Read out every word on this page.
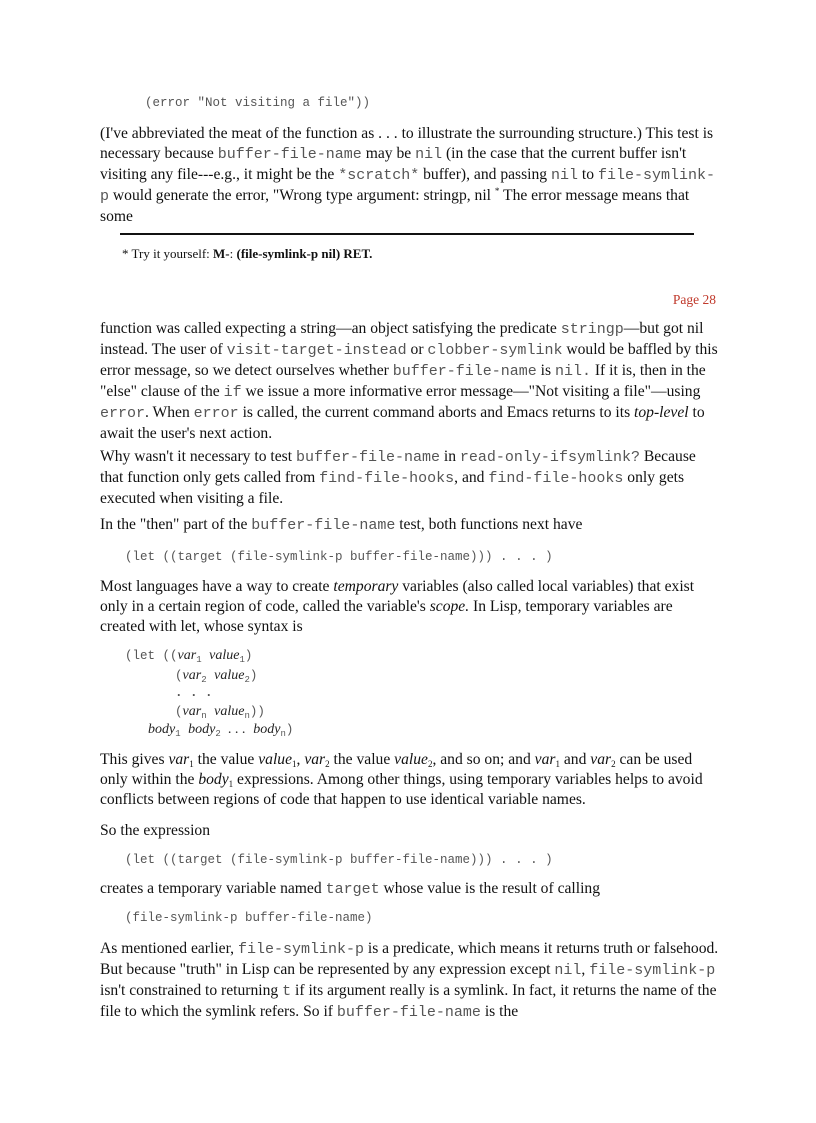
(error "Not visiting a file"))

(I've abbreviated the meat of the function as . . . to illustrate the surrounding structure.) This test is necessary because buffer-file-name may be nil (in the case that the current buffer isn't visiting any file---e.g., it might be the *scratch* buffer), and passing nil to file-symlink-p would generate the error, "Wrong type argument: stringp, nil * The error message means that some

* Try it yourself: M-: (file-symlink-p nil) RET.

Page 28

function was called expecting a string—an object satisfying the predicate stringp—but got nil instead. The user of visit-target-instead or clobber-symlink would be baffled by this error message, so we detect ourselves whether buffer-file-name is nil. If it is, then in the "else" clause of the if we issue a more informative error message—"Not visiting a file"—using error. When error is called, the current command aborts and Emacs returns to its top-level to await the user's next action.

Why wasn't it necessary to test buffer-file-name in read-only-ifsymlink? Because that function only gets called from find-file-hooks, and find-file-hooks only gets executed when visiting a file.

In the "then" part of the buffer-file-name test, both functions next have

(let ((target (file-symlink-p buffer-file-name))) . . . )

Most languages have a way to create temporary variables (also called local variables) that exist only in a certain region of code, called the variable's scope. In Lisp, temporary variables are created with let, whose syntax is

(let ((var$_1$ value$_1$)
(var$_2$ value$_2$)
. . .
(var$_n$ value$_n$))
body$_1$ body$_2$ . . . body$_n$)

This gives var$_1$ the value value$_1$, var$_2$ the value value$_2$, and so on; and var$_1$ and var$_2$ can be used only within the body$_1$ expressions. Among other things, using temporary variables helps to avoid conflicts between regions of code that happen to use identical variable names.

So the expression

(let ((target (file-symlink-p buffer-file-name))) . . . )

creates a temporary variable named target whose value is the result of calling

(file-symlink-p buffer-file-name)

As mentioned earlier, file-symlink-p is a predicate, which means it returns truth or falsehood. But because "truth" in Lisp can be represented by any expression except nil, file-symlink-p isn't constrained to returning t if its argument really is a symlink. In fact, it returns the name of the file to which the symlink refers. So if buffer-file-name is the
